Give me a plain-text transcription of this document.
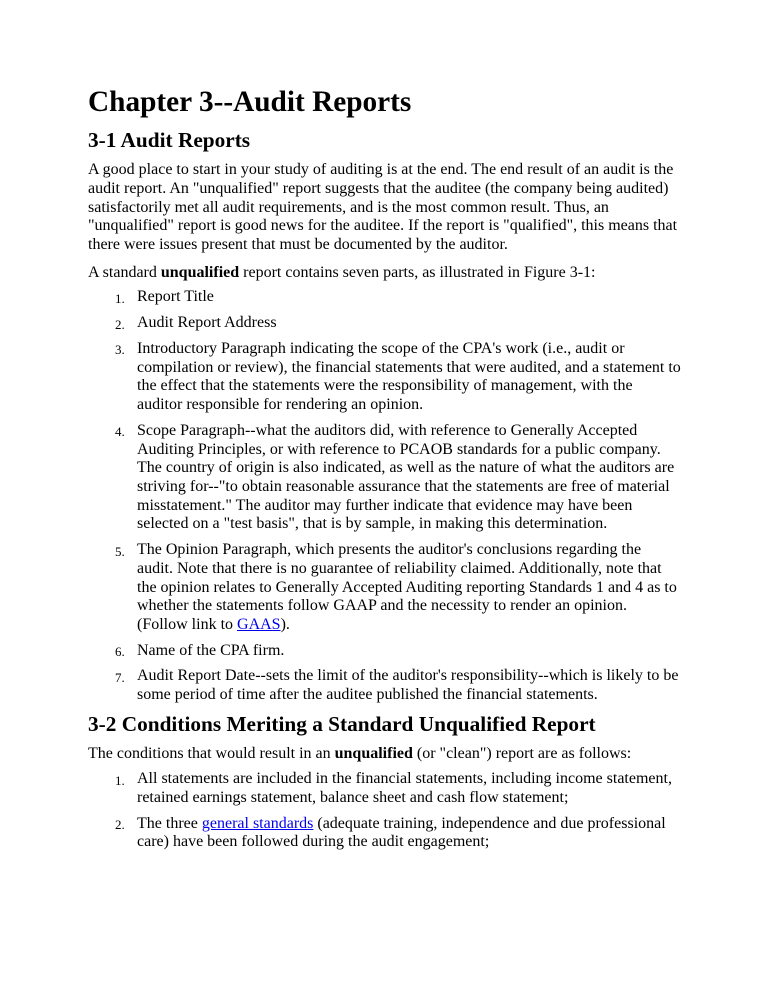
Chapter 3--Audit Reports
3-1 Audit Reports

A good place to start in your study of auditing is at the end. The end result of an audit is the audit report. An "unqualified" report suggests that the auditee (the company being audited) satisfactorily met all audit requirements, and is the most common result. Thus, an "unqualified" report is good news for the auditee. If the report is "qualified", this means that there were issues present that must be documented by the auditor.

A standard unqualified report contains seven parts, as illustrated in Figure 3-1:

1. Report Title
2. Audit Report Address
3. Introductory Paragraph indicating the scope of the CPA's work (i.e., audit or compilation or review), the financial statements that were audited, and a statement to the effect that the statements were the responsibility of management, with the auditor responsible for rendering an opinion.
4. Scope Paragraph--what the auditors did, with reference to Generally Accepted Auditing Principles, or with reference to PCAOB standards for a public company. The country of origin is also indicated, as well as the nature of what the auditors are striving for--"to obtain reasonable assurance that the statements are free of material misstatement." The auditor may further indicate that evidence may have been selected on a "test basis", that is by sample, in making this determination.
5. The Opinion Paragraph, which presents the auditor's conclusions regarding the audit. Note that there is no guarantee of reliability claimed. Additionally, note that the opinion relates to Generally Accepted Auditing reporting Standards 1 and 4 as to whether the statements follow GAAP and the necessity to render an opinion. (Follow link to GAAS).
6. Name of the CPA firm.
7. Audit Report Date--sets the limit of the auditor's responsibility--which is likely to be some period of time after the auditee published the financial statements.
3-2 Conditions Meriting a Standard Unqualified Report

The conditions that would result in an unqualified (or "clean") report are as follows:

1. All statements are included in the financial statements, including income statement, retained earnings statement, balance sheet and cash flow statement;
2. The three general standards (adequate training, independence and due professional care) have been followed during the audit engagement;
